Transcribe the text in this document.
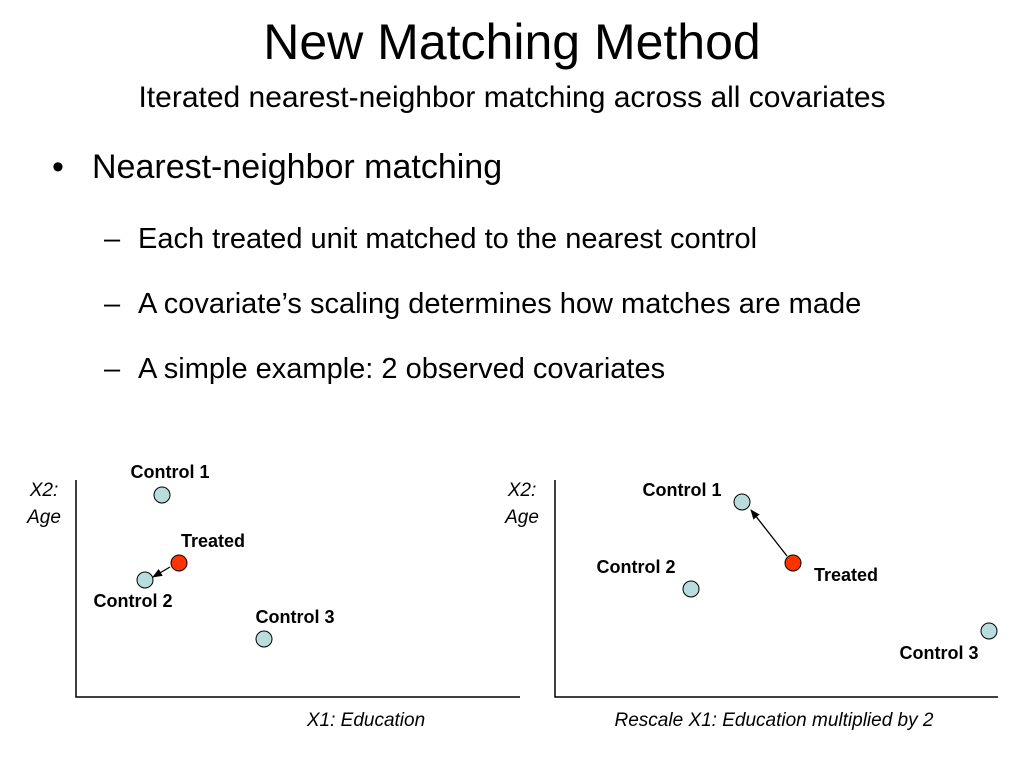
New Matching Method
Iterated nearest-neighbor matching across all covariates
• Nearest-neighbor matching
– Each treated unit matched to the nearest control
– A covariate’s scaling determines how matches are made
– A simple example: 2 observed covariates
X2:
Age
X1: Education
Control 1
Treated
Control 2
Control 3
X2:
Age
Rescale X1: Education multiplied by 2
Control 1
Control 2	Treated
Control 3
